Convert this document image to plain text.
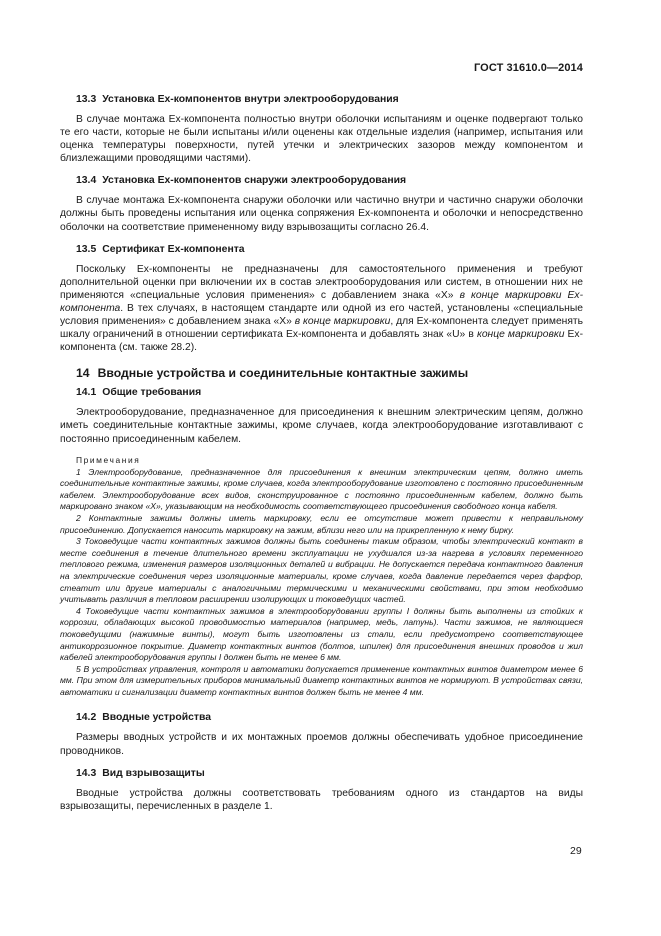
ГОСТ 31610.0—2014
13.3 Установка Ех-компонентов внутри электрооборудования

В случае монтажа Ех-компонента полностью внутри оболочки испытаниям и оценке подвергают только те его части, которые не были испытаны и/или оценены как отдельные изделия (например, испытания или оценка температуры поверхности, путей утечки и электрических зазоров между компонентом и близлежащими проводящими частями).

13.4 Установка Ех-компонентов снаружи электрооборудования

В случае монтажа Ех-компонента снаружи оболочки или частично внутри и частично снаружи оболочки должны быть проведены испытания или оценка сопряжения Ех-компонента и оболочки и непосредственно оболочки на соответствие примененному виду взрывозащиты согласно 26.4.

13.5 Сертификат Ех-компонента

Поскольку Ех-компоненты не предназначены для самостоятельного применения и требуют дополнительной оценки при включении их в состав электрооборудования или систем, в отношении них не применяются «специальные условия применения» с добавлением знака «X» в конце маркировки Ex-компонента. В тех случаях, в настоящем стандарте или одной из его частей, установлены «специальные условия применения» с добавлением знака «X» в конце маркировки, для Ех-компонента следует применять шкалу ограничений в отношении сертификата Ех-компонента и добавлять знак «U» в конце маркировки Ex-компонента (см. также 28.2).

14 Вводные устройства и соединительные контактные зажимы
14.1 Общие требования

Электрооборудование, предназначенное для присоединения к внешним электрическим цепям, должно иметь соединительные контактные зажимы, кроме случаев, когда электрооборудование изготавливают с постоянно присоединенным кабелем.

Примечания

1 Электрооборудование, предназначенное для присоединения к внешним электрическим цепям, должно иметь соединительные контактные зажимы, кроме случаев, когда электрооборудование изготовлено с постоянно присоединенным кабелем. Электрооборудование всех видов, сконструированное с постоянно присоединенным кабелем, должно быть маркировано знаком «X», указывающим на необходимость соответствующего присоединения свободного конца кабеля.

2 Контактные зажимы должны иметь маркировку, если ее отсутствие может привести к неправильному присоединению. Допускается наносить маркировку на зажим, вблизи него или на прикрепленную к нему бирку.

3 Токоведущие части контактных зажимов должны быть соединены таким образом, чтобы электрический контакт в месте соединения в течение длительного времени эксплуатации не ухудшался из-за нагрева в условиях переменного теплового режима, изменения размеров изоляционных деталей и вибрации. Не допускается передача контактного давления на электрические соединения через изоляционные материалы, кроме случаев, когда давление передается через фарфор, стеатит или другие материалы с аналогичными термическими и механическими свойствами, при этом необходимо учитывать различия в тепловом расширении изолирующих и токоведущих частей.

4 Токоведущие части контактных зажимов в электрооборудовании группы I должны быть выполнены из стойких к коррозии, обладающих высокой проводимостью материалов (например, медь, латунь). Части зажимов, не являющиеся токоведущими (нажимные винты), могут быть изготовлены из стали, если предусмотрено соответствующее антикоррозионное покрытие. Диаметр контактных винтов (болтов, шпилек) для присоединения внешних проводов и жил кабелей электрооборудования группы I должен быть не менее 6 мм.

5 В устройствах управления, контроля и автоматики допускается применение контактных винтов диаметром менее 6 мм. При этом для измерительных приборов минимальный диаметр контактных винтов не нормируют. В устройствах связи, автоматики и сигнализации диаметр контактных винтов должен быть не менее 4 мм.

14.2 Вводные устройства

Размеры вводных устройств и их монтажных проемов должны обеспечивать удобное присоединение проводников.

14.3 Вид взрывозащиты

Вводные устройства должны соответствовать требованиям одного из стандартов на виды взрывозащиты, перечисленных в разделе 1.

29
